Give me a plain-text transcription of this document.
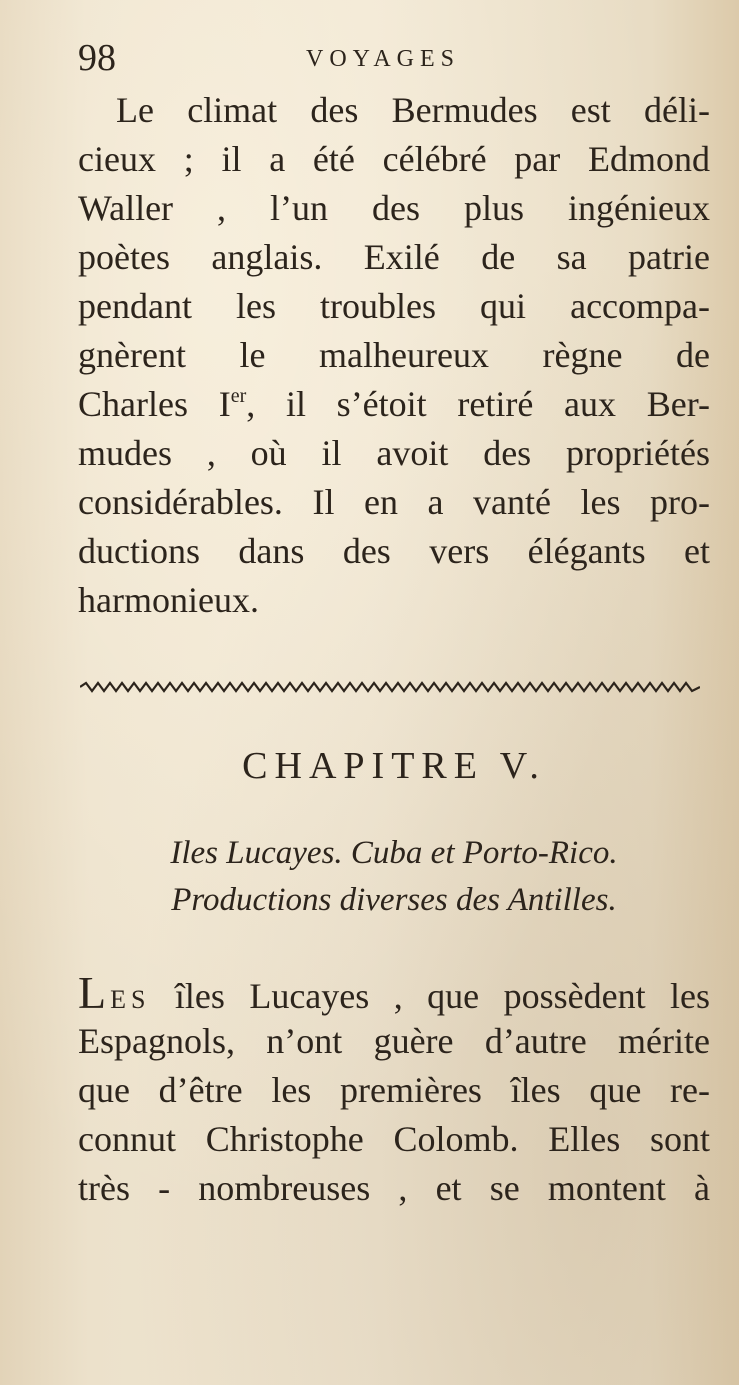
98	VOYAGES
Le climat des Bermudes est déli-
cieux ; il a été célébré par Edmond
Waller , l’un des plus ingénieux
poètes anglais. Exilé de sa patrie
pendant les troubles qui accompa-
gnèrent le malheureux règne de
Charles Ier, il s’étoit retiré aux Ber-
mudes , où il avoit des propriétés
considérables. Il en a vanté les pro-
ductions dans des vers élégants et
harmonieux.
CHAPITRE V.
Iles Lucayes. Cuba et Porto-Rico.
Productions diverses des Antilles.
LES îles Lucayes , que possèdent les
Espagnols, n’ont guère d’autre mérite
que d’être les premières îles que re-
connut Christophe Colomb. Elles sont
très - nombreuses , et se montent à
